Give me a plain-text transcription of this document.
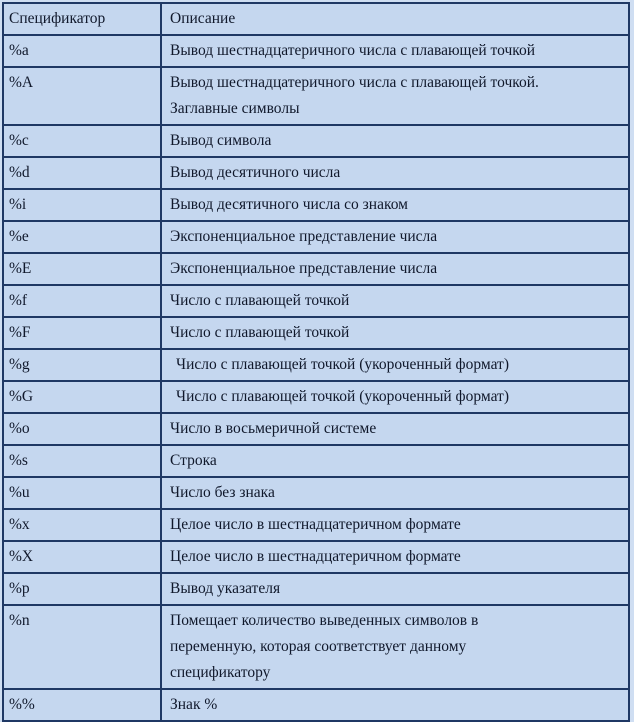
Спецификатор	Описание
%a	Вывод шестнадцатеричного числа с плавающей точкой

%A	Вывод шестнадцатеричного числа с плавающей точкой.
Заглавные символы

%c	Вывод символа

%d	Вывод десятичного числа

%i	Вывод десятичного числа со знаком

%e	Экспоненциальное представление числа

%E	Экспоненциальное представление числа

%f	Число с плавающей точкой

%F	Число с плавающей точкой

%g	Число с плавающей точкой (укороченный формат)

%G	Число с плавающей точкой (укороченный формат)

%o	Число в восьмеричной системе

%s	Строка

%u	Число без знака

%x	Целое число в шестнадцатеричном формате

%X	Целое число в шестнадцатеричном формате

%p	Вывод указателя

%n	Помещает количество выведенных символов в
переменную, которая соответствует данному
спецификатору

%%	Знак %
